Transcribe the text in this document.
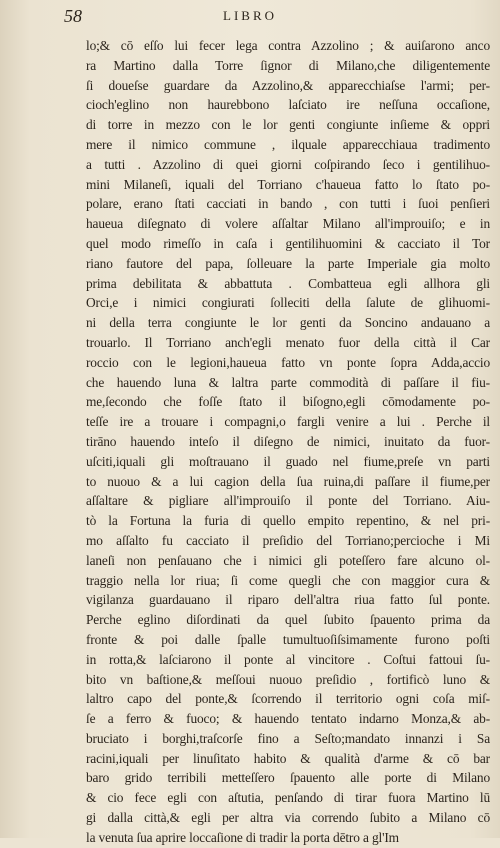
58	LIBRO
lo;& cō eſſo lui fecer lega contra Azzolino ; & auiſarono anco
ra Martino dalla Torre ſignor di Milano,che diligentemente
ſi doueſse guardare da Azzolino,& apparecchiaſse l'armi; per-
cioch'eglino non haurebbono laſciato ire neſſuna occaſione,
di torre in mezzo con le lor genti congiunte inſieme & oppri
mere il nimico commune , ilquale apparecchiaua tradimento
a tutti . Azzolino di quei giorni coſpirando ſeco i gentilihuo-
mini Milaneſi, iquali del Torriano c'haueua fatto lo ſtato po-
polare, erano ſtati cacciati in bando , con tutti i ſuoi penſieri
haueua diſegnato di volere aſſaltar Milano all'improuiſo; e in
quel modo rimeſſo in caſa i gentilihuomini & cacciato il Tor
riano fautore del papa, ſolleuare la parte Imperiale gia molto
prima debilitata & abbattuta . Combatteua egli allhora gli
Orci,e i nimici congiurati ſolleciti della ſalute de glihuomi-
ni della terra congiunte le lor genti da Soncino andauano a
trouarlo. Il Torriano anch'egli menato fuor della città il Car
roccio con le legioni,haueua fatto vn ponte ſopra Adda,accio
che hauendo luna & laltra parte commodità di paſſare il fiu-
me,ſecondo che foſſe ſtato il biſogno,egli cōmodamente po-
teſſe ire a trouare i compagni,o fargli venire a lui . Perche il
tirāno hauendo inteſo il diſegno de nimici, inuitato da fuor-
uſciti,iquali gli moſtrauano il guado nel fiume,preſe vn parti
to nuouo & a lui cagion della ſua ruina,di paſſare il fiume,per
aſſaltare & pigliare all'improuiſo il ponte del Torriano. Aiu-
tò la Fortuna la furia di quello empito repentino, & nel pri-
mo aſſalto fu cacciato il preſidio del Torriano;percioche i Mi
laneſi non penſauano che i nimici gli poteſſero fare alcuno ol-
traggio nella lor riua; ſi come quegli che con maggior cura &
vigilanza guardauano il riparo dell'altra riua fatto ſul ponte.
Perche eglino diſordinati da quel ſubito ſpauento prima da
fronte & poi dalle ſpalle tumultuoſiſsimamente furono poſti
in rotta,& laſciarono il ponte al vincitore . Coſtui fattoui ſu-
bito vn baſtione,& meſſoui nuouo preſidio , fortificò luno &
laltro capo del ponte,& ſcorrendo il territorio ogni coſa miſ-
ſe a ferro & fuoco; & hauendo tentato indarno Monza,& ab-
bruciato i borghi,traſcorſe fino a Seſto;mandato innanzi i Sa
racini,iquali per linuſitato habito & qualità d'arme & cō bar
baro grido terribili metteſſero ſpauento alle porte di Milano
& cio fece egli con aſtutia, penſando di tirar fuora Martino lū
gi dalla città,& egli per altra via correndo ſubito a Milano cō
la venuta ſua aprire loccaſione di tradir la porta dētro a gl'Im
